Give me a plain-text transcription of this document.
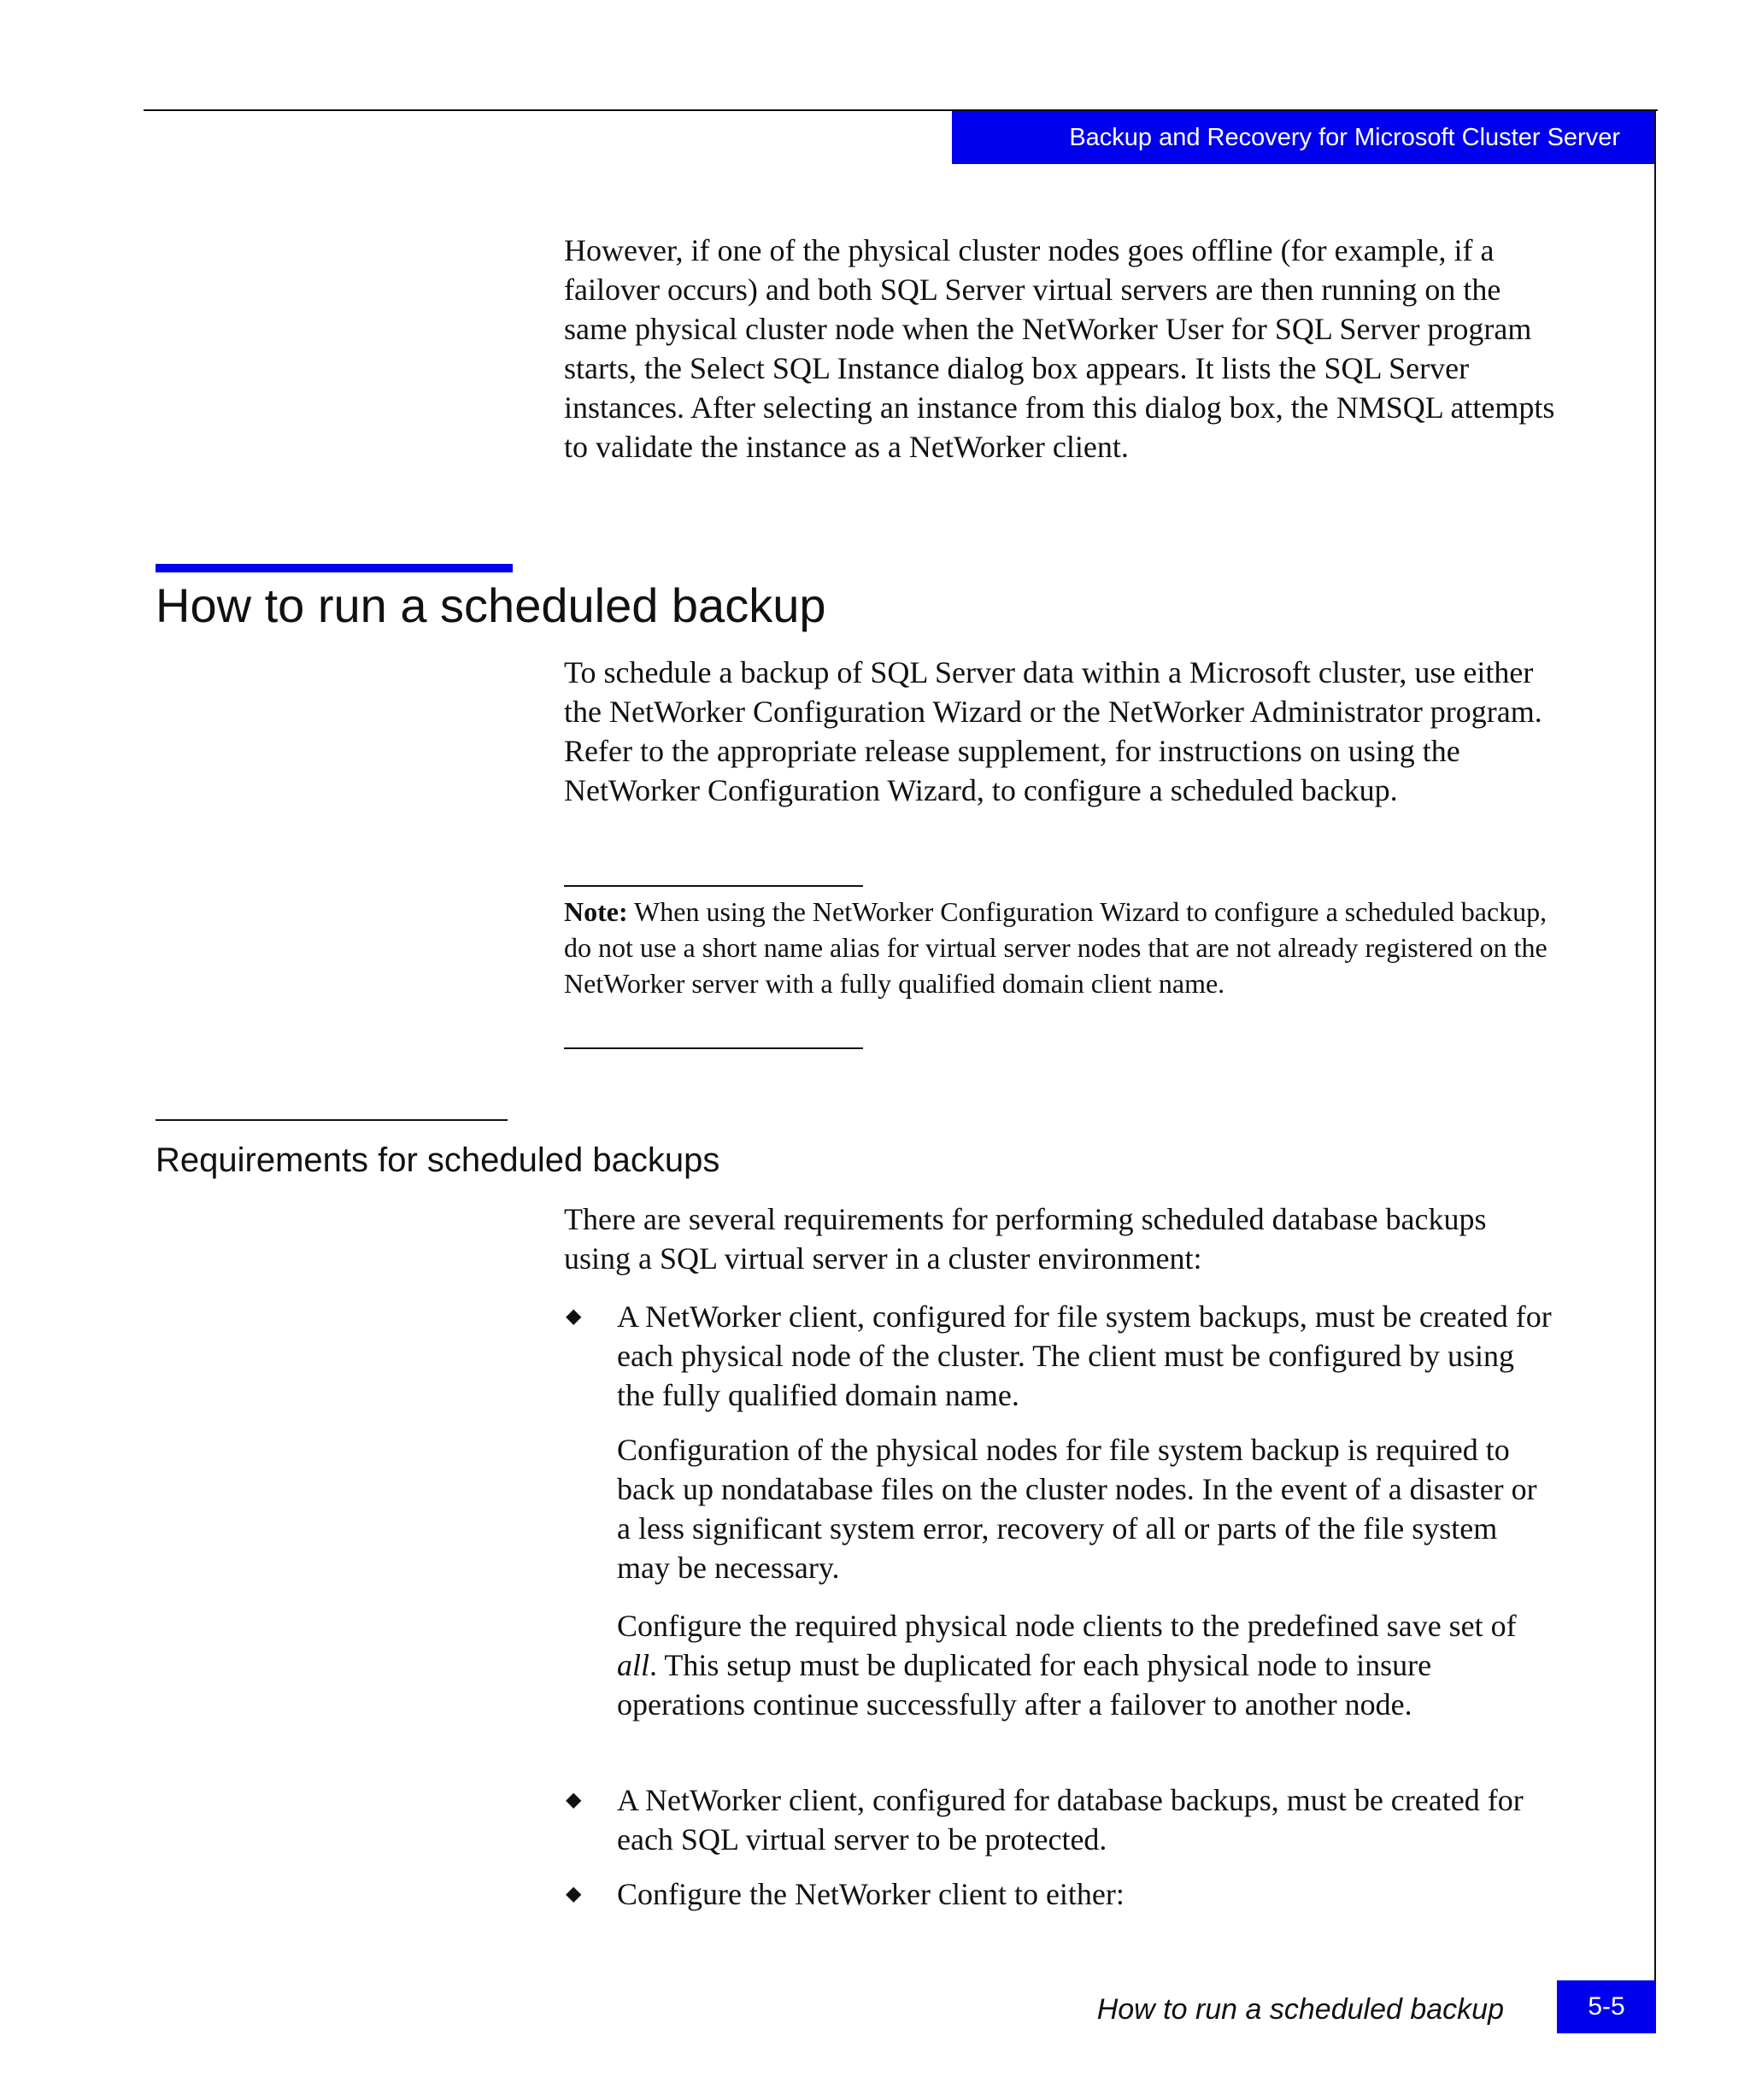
Backup and Recovery for Microsoft Cluster Server

However, if one of the physical cluster nodes goes offline (for example, if a failover occurs) and both SQL Server virtual servers are then running on the same physical cluster node when the NetWorker User for SQL Server program starts, the Select SQL Instance dialog box appears. It lists the SQL Server instances. After selecting an instance from this dialog box, the NMSQL attempts to validate the instance as a NetWorker client.

How to run a scheduled backup

To schedule a backup of SQL Server data within a Microsoft cluster, use either the NetWorker Configuration Wizard or the NetWorker Administrator program. Refer to the appropriate release supplement, for instructions on using the NetWorker Configuration Wizard, to configure a scheduled backup.

Note: When using the NetWorker Configuration Wizard to configure a scheduled backup, do not use a short name alias for virtual server nodes that are not already registered on the NetWorker server with a fully qualified domain client name.

Requirements for scheduled backups

There are several requirements for performing scheduled database backups using a SQL virtual server in a cluster environment:

◆ A NetWorker client, configured for file system backups, must be created for each physical node of the cluster. The client must be configured by using the fully qualified domain name.

Configuration of the physical nodes for file system backup is required to back up nondatabase files on the cluster nodes. In the event of a disaster or a less significant system error, recovery of all or parts of the file system may be necessary.

Configure the required physical node clients to the predefined save set of all. This setup must be duplicated for each physical node to insure operations continue successfully after a failover to another node.

◆ A NetWorker client, configured for database backups, must be created for each SQL virtual server to be protected.

◆ Configure the NetWorker client to either:

How to run a scheduled backup	5-5
